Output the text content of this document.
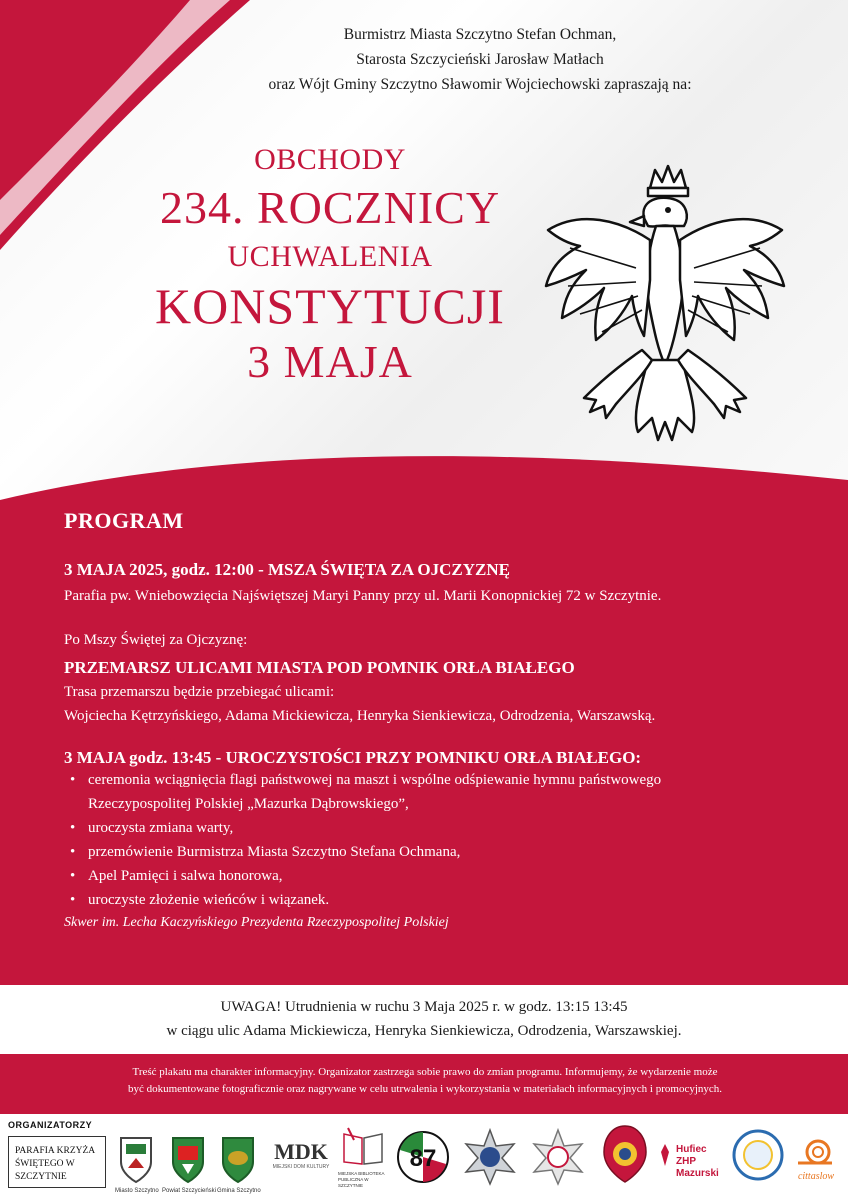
Burmistrz Miasta Szczytno Stefan Ochman,
Starosta Szczycieński Jarosław Matłach
oraz Wójt Gminy Szczytno Sławomir Wojciechowski zapraszają na:
OBCHODY
234. ROCZNICY
UCHWALENIA
KONSTYTUCJI
3 MAJA
PROGRAM
3 MAJA 2025, godz. 12:00 - MSZA ŚWIĘTA ZA OJCZYZNĘ
Parafia pw. Wniebowzięcia Najświętszej Maryi Panny przy ul. Marii Konopnickiej 72 w Szczytnie.
Po Mszy Świętej za Ojczyznę:
PRZEMARSZ ULICAMI MIASTA POD POMNIK ORŁA BIAŁEGO
Trasa przemarszu będzie przebiegać ulicami:
Wojciecha Kętrzyńskiego, Adama Mickiewicza, Henryka Sienkiewicza, Odrodzenia, Warszawską.
3 MAJA godz. 13:45 - UROCZYSTOŚCI PRZY POMNIKU ORŁA BIAŁEGO:
• ceremonia wciągnięcia flagi państwowej na maszt i wspólne odśpiewanie hymnu państwowego
Rzeczypospolitej Polskiej „Mazurka Dąbrowskiego”,
• uroczysta zmiana warty,
• przemówienie Burmistrza Miasta Szczytno Stefana Ochmana,
• Apel Pamięci i salwa honorowa,
• uroczyste złożenie wieńców i wiązanek.
Skwer im. Lecha Kaczyńskiego Prezydenta Rzeczypospolitej Polskiej
UWAGA! Utrudnienia w ruchu 3 Maja 2025 r. w godz. 13:15 13:45
w ciągu ulic Adama Mickiewicza, Henryka Sienkiewicza, Odrodzenia, Warszawskiej.
Treść plakatu ma charakter informacyjny. Organizator zastrzega sobie prawo do zmian programu. Informujemy, że wydarzenie może
być dokumentowane fotograficznie oraz nagrywane w celu utrwalenia i wykorzystania w materiałach informacyjnych i promocyjnych.
ORGANIZATORZY
PARAFIA KRZYŻA
ŚWIĘTEGO W
SZCZYTNIE
Miasto Szczytno Powiat Szczycieński Gmina Szczytno
MDK
MIEJSKI DOM KULTURY
MIEJSKA BIBLIOTEKA PUBLICZNA W SZCZYTNIE
87	Hufiec ZHP
Mazurski	cittaslow
